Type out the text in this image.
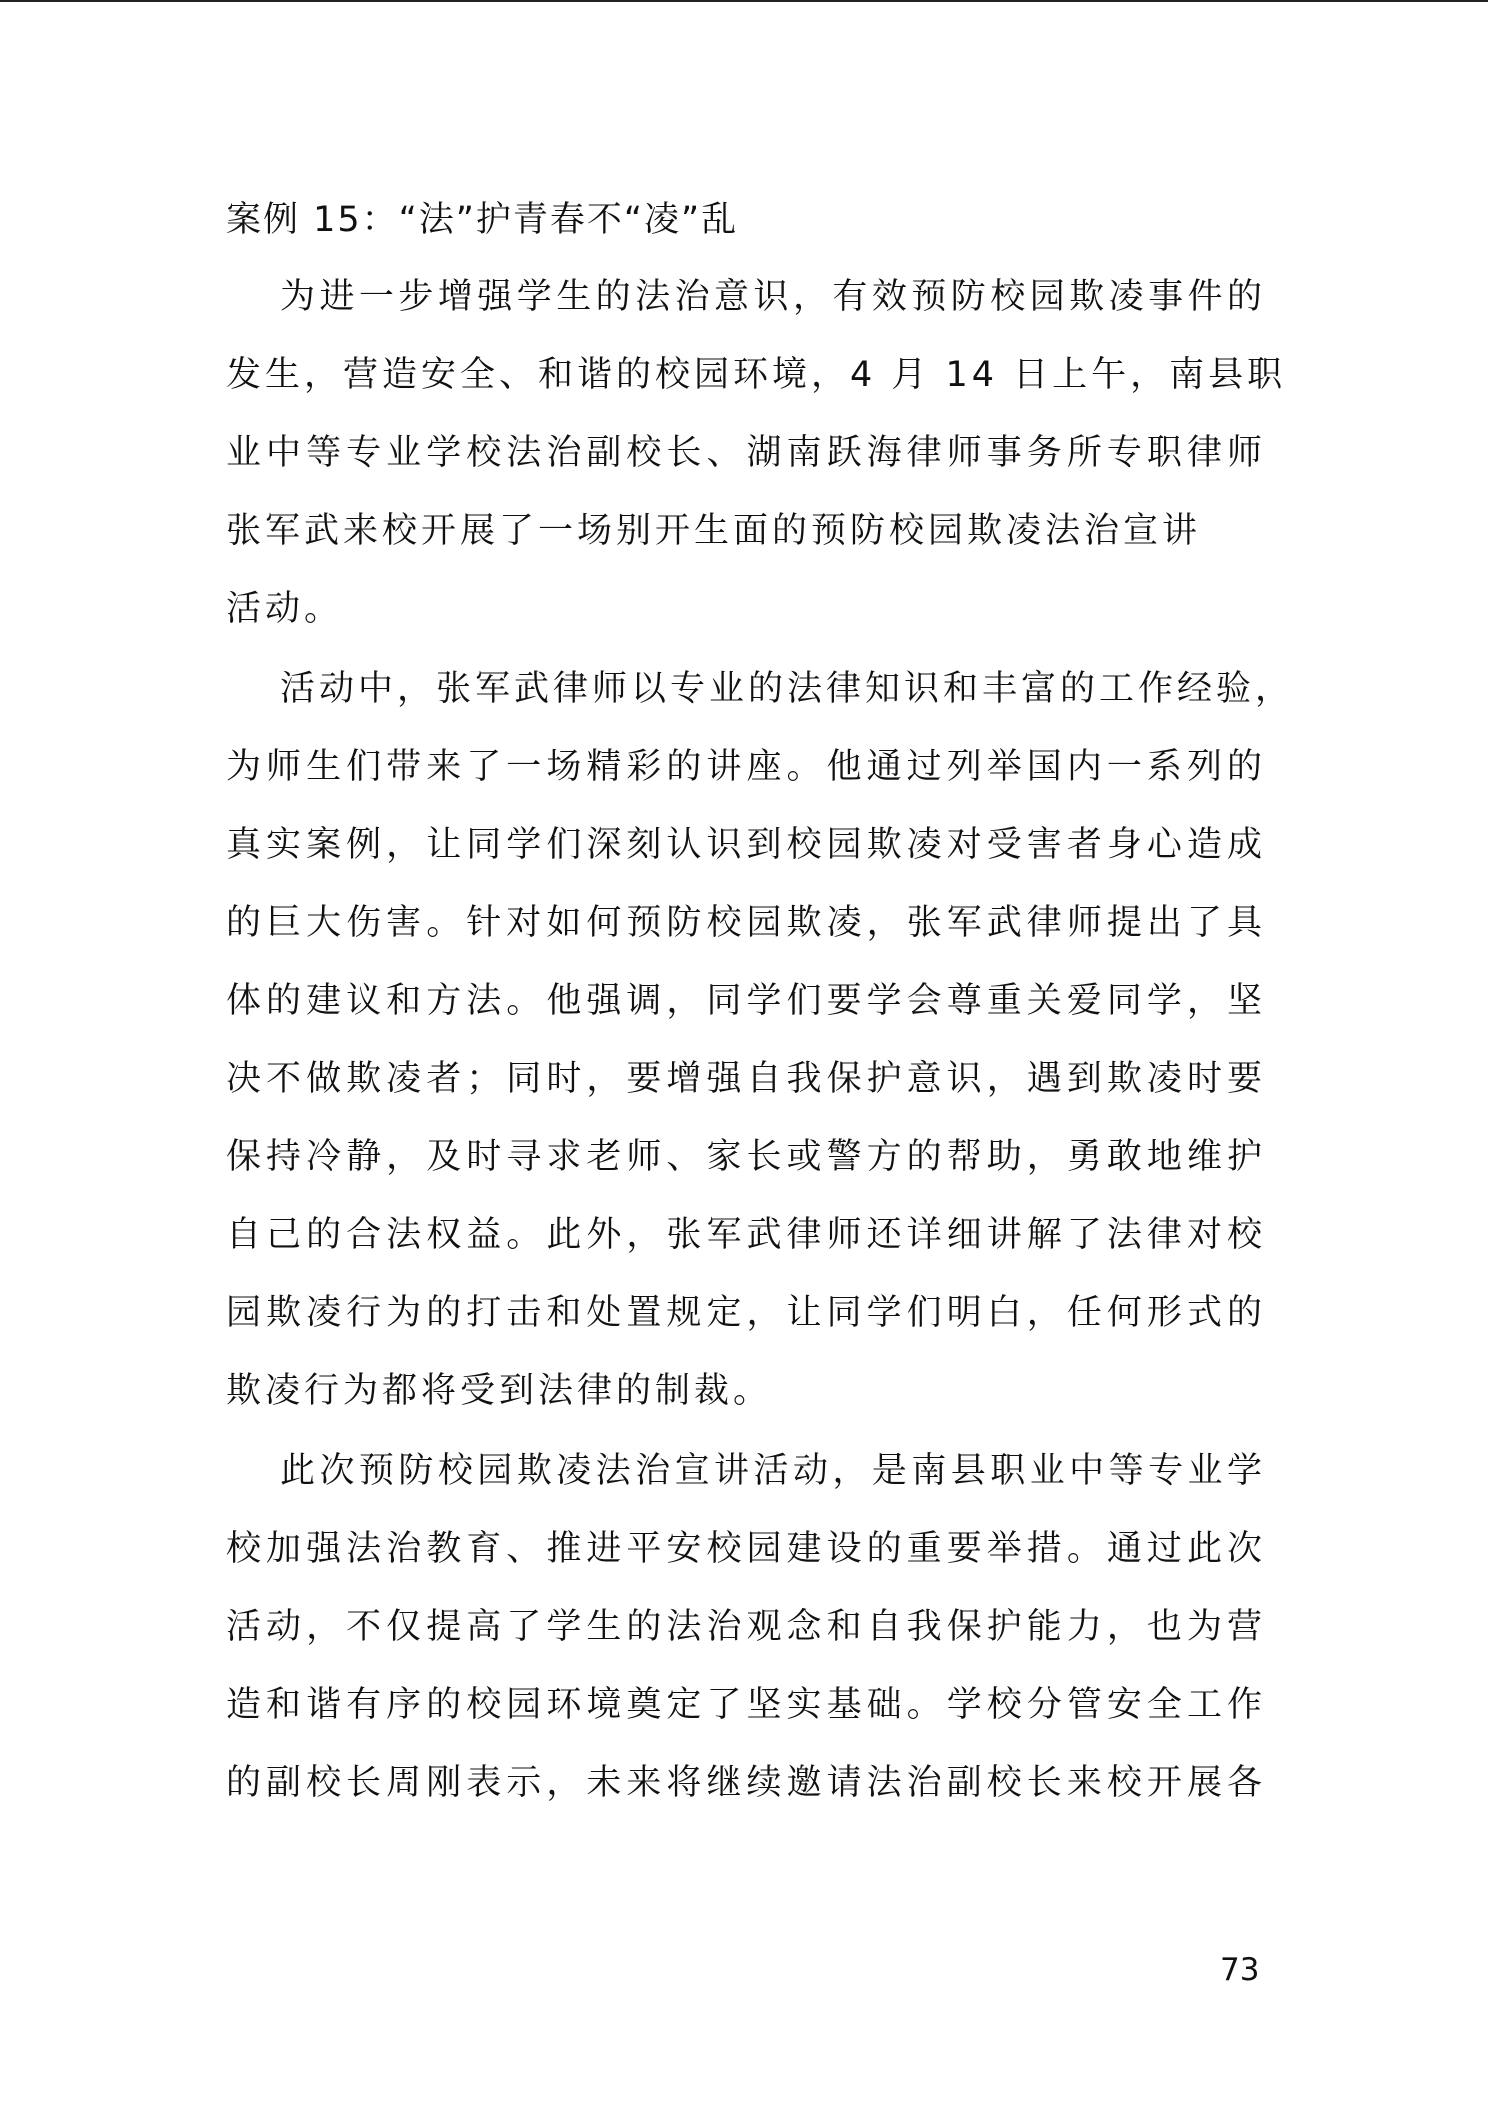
案例 15：“法”护青春不“凌”乱
为进一步增强学生的法治意识，有效预防校园欺凌事件的
发生，营造安全、和谐的校园环境，4 月 14 日上午，南县职
业中等专业学校法治副校长、湖南跃海律师事务所专职律师
张军武来校开展了一场别开生面的预防校园欺凌法治宣讲
活动。
活动中，张军武律师以专业的法律知识和丰富的工作经验，
为师生们带来了一场精彩的讲座。他通过列举国内一系列的
真实案例，让同学们深刻认识到校园欺凌对受害者身心造成
的巨大伤害。针对如何预防校园欺凌，张军武律师提出了具
体的建议和方法。他强调，同学们要学会尊重关爱同学，坚
决不做欺凌者；同时，要增强自我保护意识，遇到欺凌时要
保持冷静，及时寻求老师、家长或警方的帮助，勇敢地维护
自己的合法权益。此外，张军武律师还详细讲解了法律对校
园欺凌行为的打击和处置规定，让同学们明白，任何形式的
欺凌行为都将受到法律的制裁。
此次预防校园欺凌法治宣讲活动，是南县职业中等专业学
校加强法治教育、推进平安校园建设的重要举措。通过此次
活动，不仅提高了学生的法治观念和自我保护能力，也为营
造和谐有序的校园环境奠定了坚实基础。学校分管安全工作
的副校长周刚表示，未来将继续邀请法治副校长来校开展各
73
